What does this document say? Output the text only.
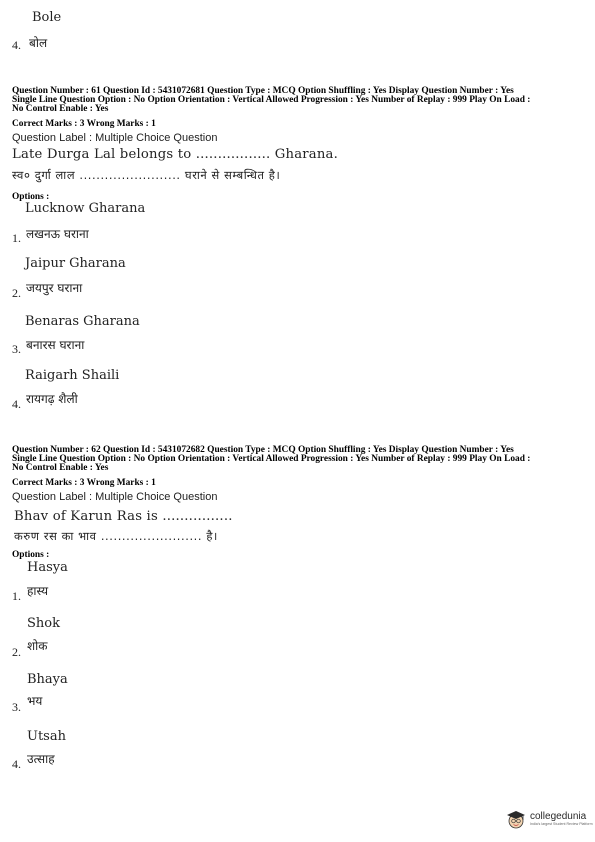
Bole
4. बोल
Question Number : 61 Question Id : 5431072681 Question Type : MCQ Option Shuffling : Yes Display Question Number : Yes
Single Line Question Option : No Option Orientation : Vertical Allowed Progression : Yes Number of Replay : 999 Play On Load :
No Control Enable : Yes
Correct Marks : 3 Wrong Marks : 1
Question Label : Multiple Choice Question
Late Durga Lal belongs to ................. Gharana.
स्व० दुर्गा लाल ........................ घराने से सम्बन्धित है।
Options :
Lucknow Gharana
1. लखनऊ घराना
Jaipur Gharana
2. जयपुर घराना
Benaras Gharana
3. बनारस घराना
Raigarh Shaili
4. रायगढ़ शैली
Question Number : 62 Question Id : 5431072682 Question Type : MCQ Option Shuffling : Yes Display Question Number : Yes
Single Line Question Option : No Option Orientation : Vertical Allowed Progression : Yes Number of Replay : 999 Play On Load :
No Control Enable : Yes
Correct Marks : 3 Wrong Marks : 1
Question Label : Multiple Choice Question
Bhav of Karun Ras is ................
करुण रस का भाव ........................ है।
Options :
Hasya
हास्य
1.
Shok
शोक
2.
Bhaya
भय
3.
Utsah
उत्साह
4.
collegedunia
India's largest Student Review Platform
